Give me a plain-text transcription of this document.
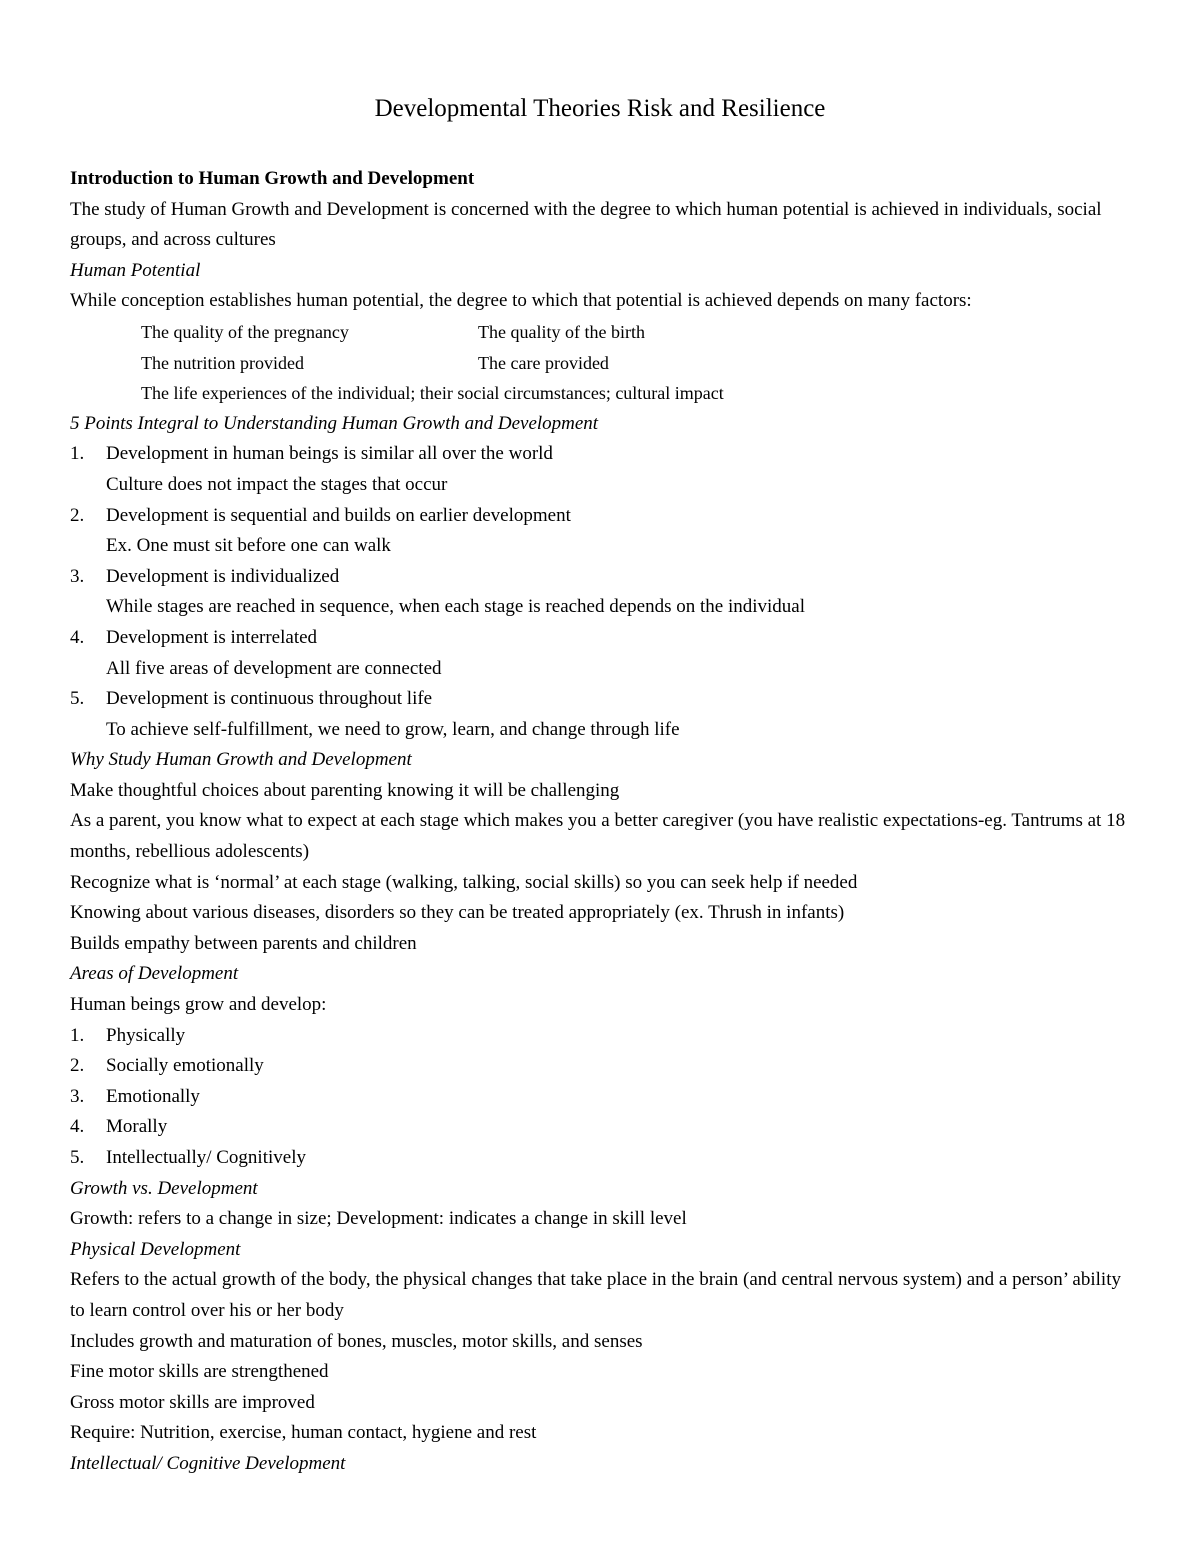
Developmental Theories Risk and Resilience
Introduction to Human Growth and Development
The study of Human Growth and Development is concerned with the degree to which human potential is achieved in individuals, social groups, and across cultures
Human Potential
While conception establishes human potential, the degree to which that potential is achieved depends on many factors:
The quality of the pregnancy	The quality of the birth
The nutrition provided	The care provided
The life experiences of the individual; their social circumstances; cultural impact
5 Points Integral to Understanding Human Growth and Development
1.	Development in human beings is similar all over the world
Culture does not impact the stages that occur
2.	Development is sequential and builds on earlier development
Ex. One must sit before one can walk
3.	Development is individualized
While stages are reached in sequence, when each stage is reached depends on the individual
4.	Development is interrelated
All five areas of development are connected
5.	Development is continuous throughout life
To achieve self-fulfillment, we need to grow, learn, and change through life
Why Study Human Growth and Development
Make thoughtful choices about parenting knowing it will be challenging
As a parent, you know what to expect at each stage which makes you a better caregiver (you have realistic expectations-eg. Tantrums at 18 months, rebellious adolescents)
Recognize what is ‘normal’ at each stage (walking, talking, social skills) so you can seek help if needed
Knowing about various diseases, disorders so they can be treated appropriately (ex. Thrush in infants)
Builds empathy between parents and children
Areas of Development
Human beings grow and develop:
1.	Physically
2.	Socially emotionally
3.	Emotionally
4.	Morally
5.	Intellectually/ Cognitively
Growth vs. Development
Growth: refers to a change in size; Development: indicates a change in skill level
Physical Development
Refers to the actual growth of the body, the physical changes that take place in the brain (and central nervous system) and a person’ ability to learn control over his or her body
Includes growth and maturation of bones, muscles, motor skills, and senses
Fine motor skills are strengthened
Gross motor skills are improved
Require: Nutrition, exercise, human contact, hygiene and rest
Intellectual/ Cognitive Development
